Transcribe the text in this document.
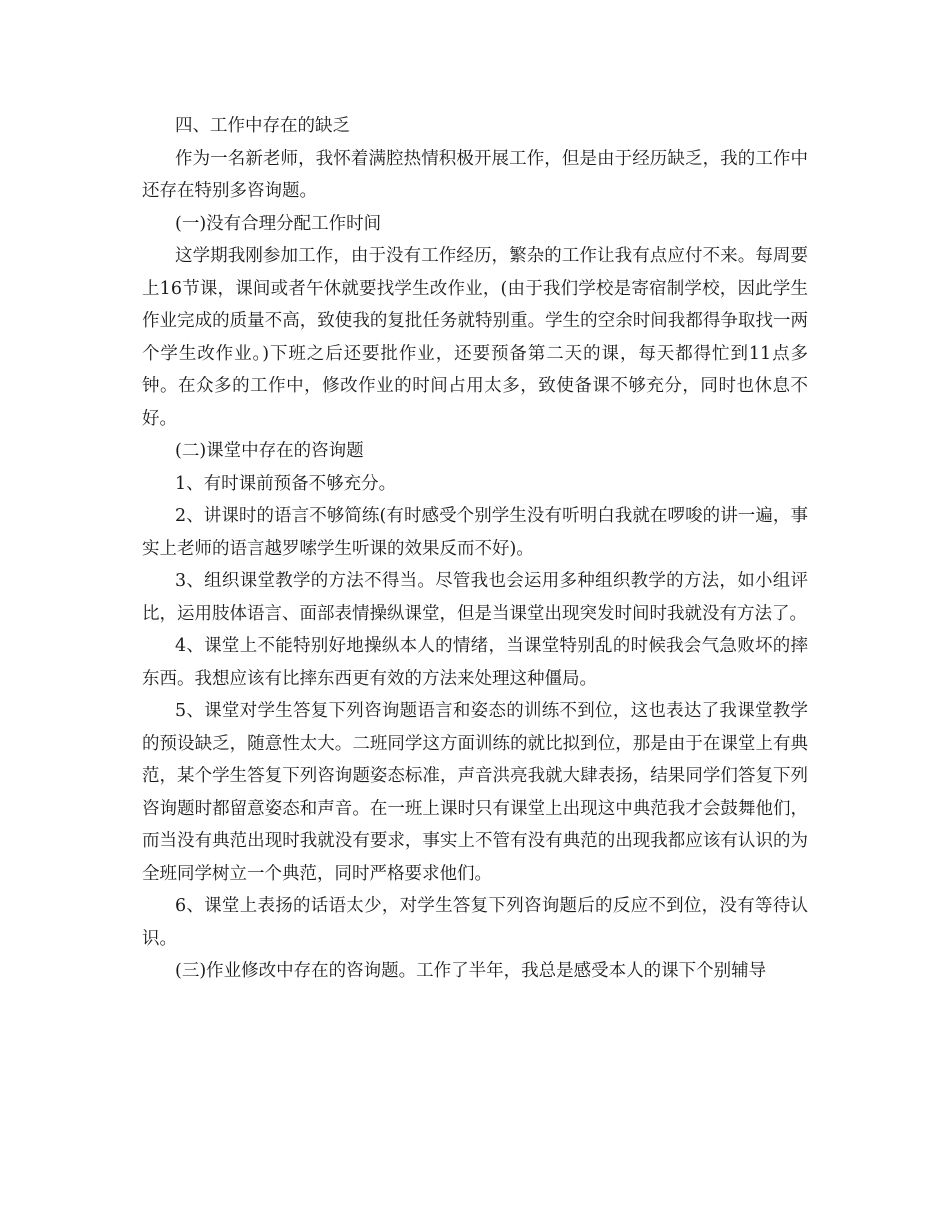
四、工作中存在的缺乏

作为一名新老师，我怀着满腔热情积极开展工作，但是由于经历缺乏，我的工作中还存在特别多咨询题。

(一)没有合理分配工作时间

这学期我刚参加工作，由于没有工作经历，繁杂的工作让我有点应付不来。每周要上16节课，课间或者午休就要找学生改作业，(由于我们学校是寄宿制学校，因此学生作业完成的质量不高，致使我的复批任务就特别重。学生的空余时间我都得争取找一两个学生改作业。)下班之后还要批作业，还要预备第二天的课，每天都得忙到11点多钟。在众多的工作中，修改作业的时间占用太多，致使备课不够充分，同时也休息不好。

(二)课堂中存在的咨询题

1、有时课前预备不够充分。

2、讲课时的语言不够简练(有时感受个别学生没有听明白我就在啰唆的讲一遍，事实上老师的语言越罗嗦学生听课的效果反而不好)。

3、组织课堂教学的方法不得当。尽管我也会运用多种组织教学的方法，如小组评比，运用肢体语言、面部表情操纵课堂，但是当课堂出现突发时间时我就没有方法了。

4、课堂上不能特别好地操纵本人的情绪，当课堂特别乱的时候我会气急败坏的摔东西。我想应该有比摔东西更有效的方法来处理这种僵局。

5、课堂对学生答复下列咨询题语言和姿态的训练不到位，这也表达了我课堂教学的预设缺乏，随意性太大。二班同学这方面训练的就比拟到位，那是由于在课堂上有典范，某个学生答复下列咨询题姿态标准，声音洪亮我就大肆表扬，结果同学们答复下列咨询题时都留意姿态和声音。在一班上课时只有课堂上出现这中典范我才会鼓舞他们，而当没有典范出现时我就没有要求，事实上不管有没有典范的出现我都应该有认识的为全班同学树立一个典范，同时严格要求他们。

6、课堂上表扬的话语太少，对学生答复下列咨询题后的反应不到位，没有等待认识。

(三)作业修改中存在的咨询题。工作了半年，我总是感受本人的课下个别辅导
